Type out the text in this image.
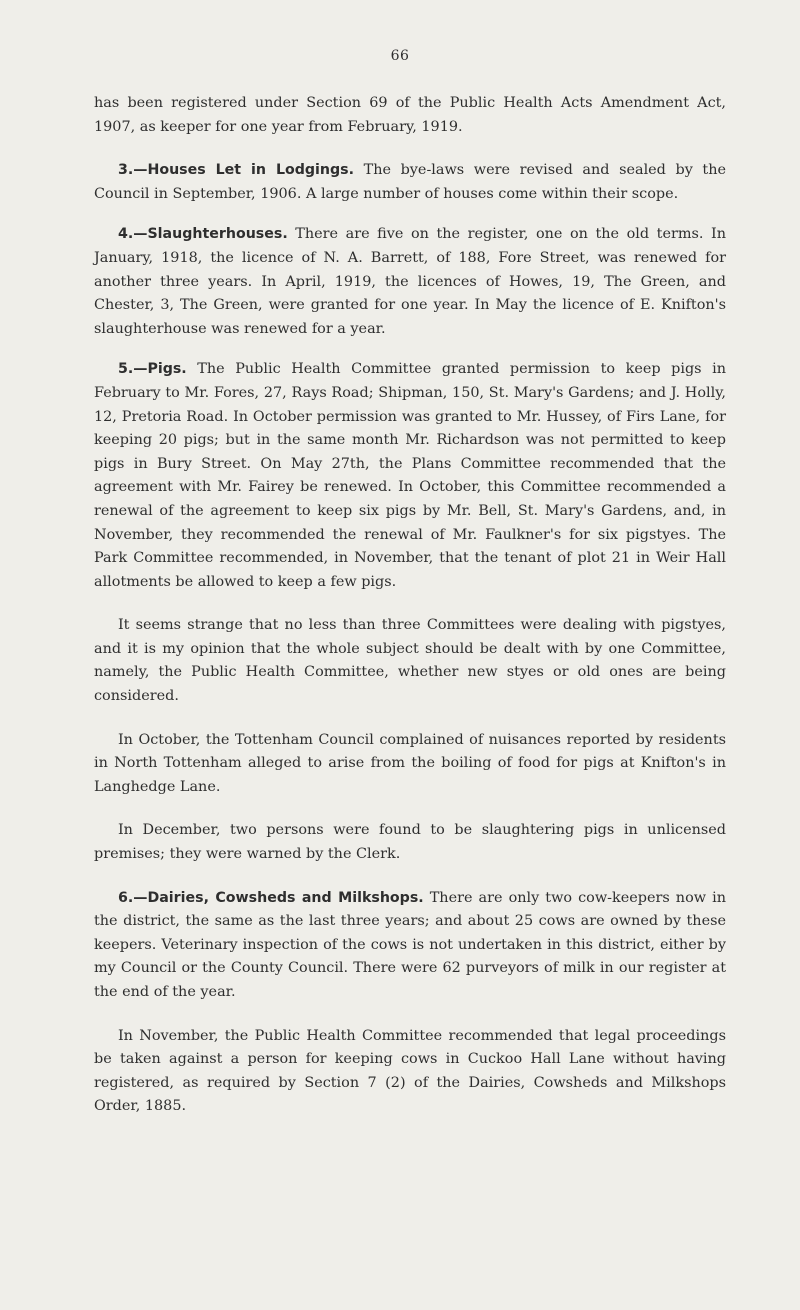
66

has been registered under Section 69 of the Public Health Acts Amendment Act, 1907, as keeper for one year from February, 1919.

3.—Houses Let in Lodgings. The bye-laws were revised and sealed by the Council in September, 1906. A large number of houses come within their scope.

4.—Slaughterhouses. There are five on the register, one on the old terms. In January, 1918, the licence of N. A. Barrett, of 188, Fore Street, was renewed for another three years. In April, 1919, the licences of Howes, 19, The Green, and Chester, 3, The Green, were granted for one year. In May the licence of E. Knifton's slaughterhouse was renewed for a year.

5.—Pigs. The Public Health Committee granted permission to keep pigs in February to Mr. Fores, 27, Rays Road; Shipman, 150, St. Mary's Gardens; and J. Holly, 12, Pretoria Road. In October permission was granted to Mr. Hussey, of Firs Lane, for keeping 20 pigs; but in the same month Mr. Richardson was not permitted to keep pigs in Bury Street. On May 27th, the Plans Committee recommended that the agreement with Mr. Fairey be renewed. In October, this Committee recommended a renewal of the agreement to keep six pigs by Mr. Bell, St. Mary's Gardens, and, in November, they recommended the renewal of Mr. Faulkner's for six pigstyes. The Park Committee recommended, in November, that the tenant of plot 21 in Weir Hall allotments be allowed to keep a few pigs.

It seems strange that no less than three Committees were dealing with pigstyes, and it is my opinion that the whole subject should be dealt with by one Committee, namely, the Public Health Committee, whether new styes or old ones are being considered.

In October, the Tottenham Council complained of nuisances reported by residents in North Tottenham alleged to arise from the boiling of food for pigs at Knifton's in Langhedge Lane.

In December, two persons were found to be slaughtering pigs in unlicensed premises; they were warned by the Clerk.

6.—Dairies, Cowsheds and Milkshops. There are only two cow-keepers now in the district, the same as the last three years; and about 25 cows are owned by these keepers. Veterinary inspection of the cows is not undertaken in this district, either by my Council or the County Council. There were 62 purveyors of milk in our register at the end of the year.

In November, the Public Health Committee recommended that legal proceedings be taken against a person for keeping cows in Cuckoo Hall Lane without having registered, as required by Section 7 (2) of the Dairies, Cowsheds and Milkshops Order, 1885.
